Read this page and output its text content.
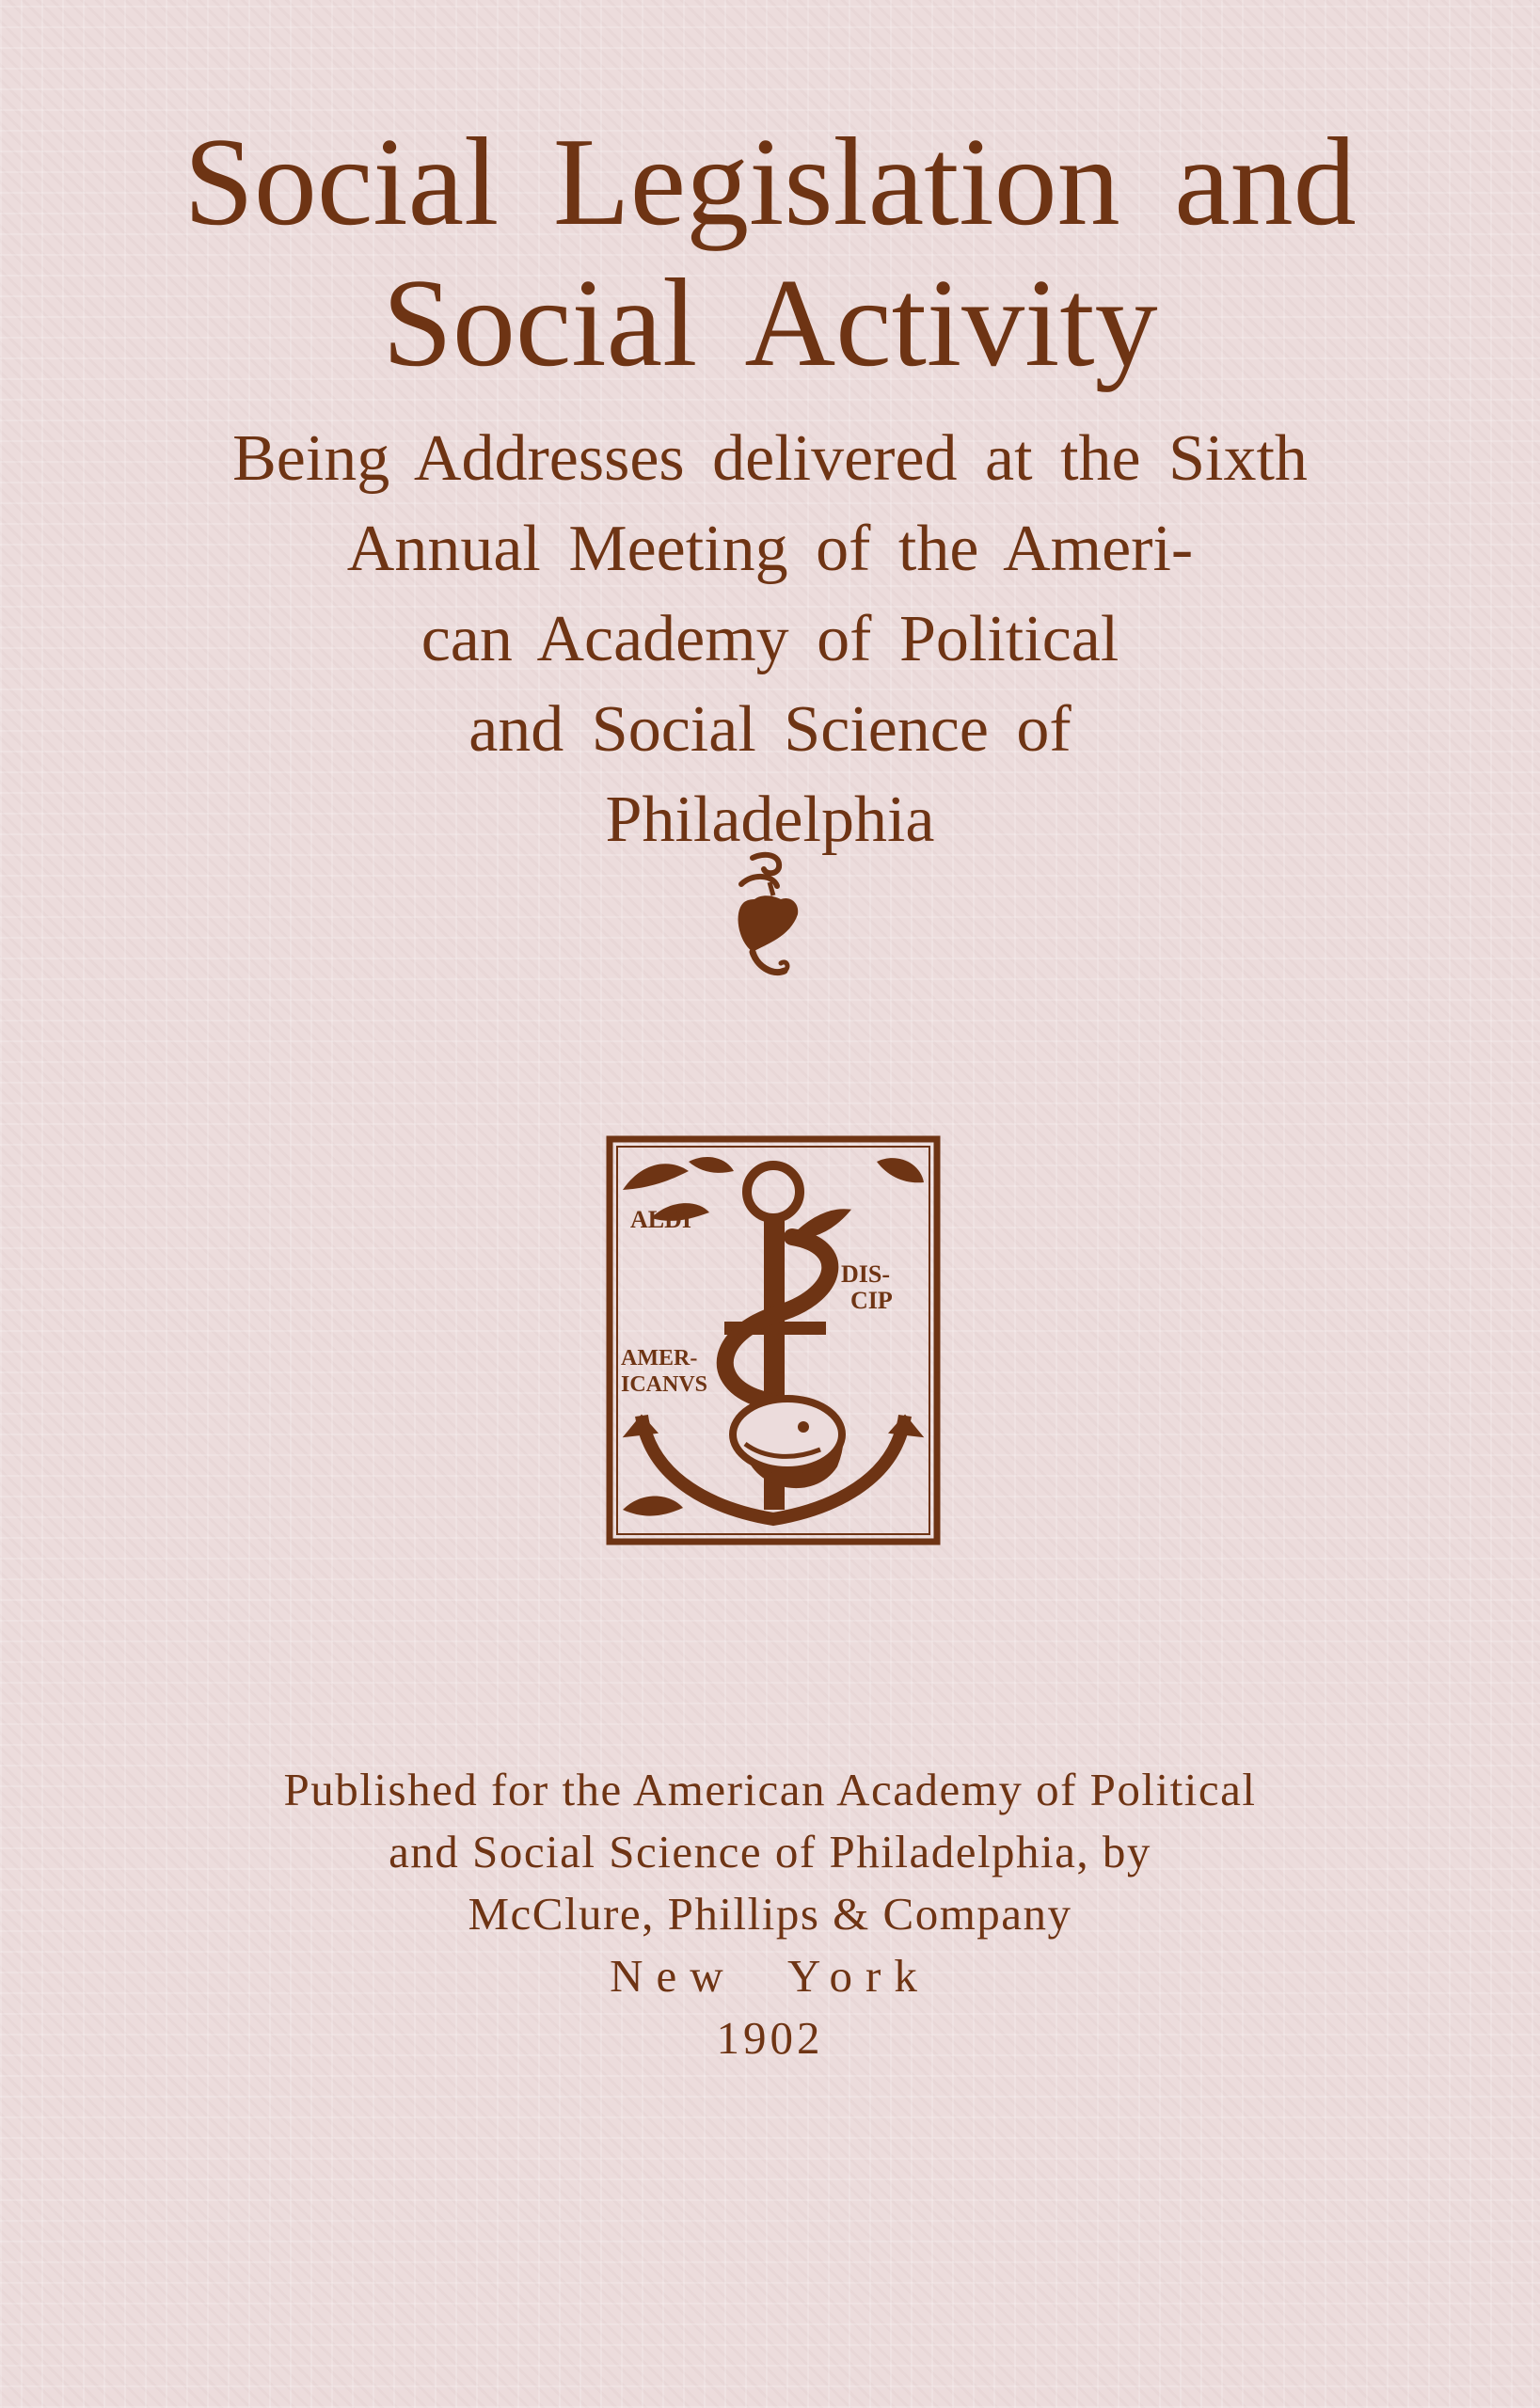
Social Legislation and
Social Activity
Being Addresses delivered at the Sixth
Annual Meeting of the Ameri-
can Academy of Political
and Social Science of
Philadelphia
ALDI
DIS-
CIP
AMER-
ICANVS
Published for the American Academy of Political
and Social Science of Philadelphia, by
McClure, Phillips & Company
New York
1902
